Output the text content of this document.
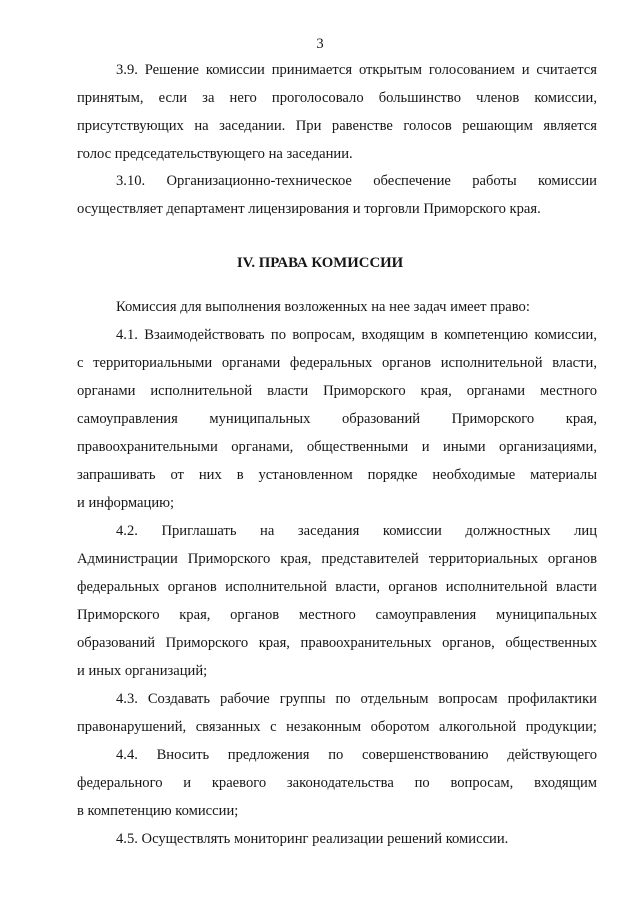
3
IV. ПРАВА КОМИССИИ
3.9. Решение комиссии принимается открытым голосованием и считается
принятым, если за него проголосовало большинство членов комиссии,
присутствующих на заседании. При равенстве голосов решающим является
голос председательствующего на заседании.
3.10. Организационно-техническое обеспечение работы комиссии
осуществляет департамент лицензирования и торговли Приморского края.
Комиссия для выполнения возложенных на нее задач имеет право:
4.1. Взаимодействовать по вопросам, входящим в компетенцию комиссии,
с территориальными органами федеральных органов исполнительной власти,
органами исполнительной власти Приморского края, органами местного
самоуправления муниципальных образований Приморского края,
правоохранительными органами, общественными и иными организациями,
запрашивать от них в установленном порядке необходимые материалы
и информацию;
4.2. Приглашать на заседания комиссии должностных лиц
Администрации Приморского края, представителей территориальных органов
федеральных органов исполнительной власти, органов исполнительной власти
Приморского края, органов местного самоуправления муниципальных
образований Приморского края, правоохранительных органов, общественных
и иных организаций;
4.3. Создавать рабочие группы по отдельным вопросам профилактики
правонарушений, связанных с незаконным оборотом алкогольной продукции;
4.4. Вносить предложения по совершенствованию действующего
федерального и краевого законодательства по вопросам, входящим
в компетенцию комиссии;
4.5. Осуществлять мониторинг реализации решений комиссии.
